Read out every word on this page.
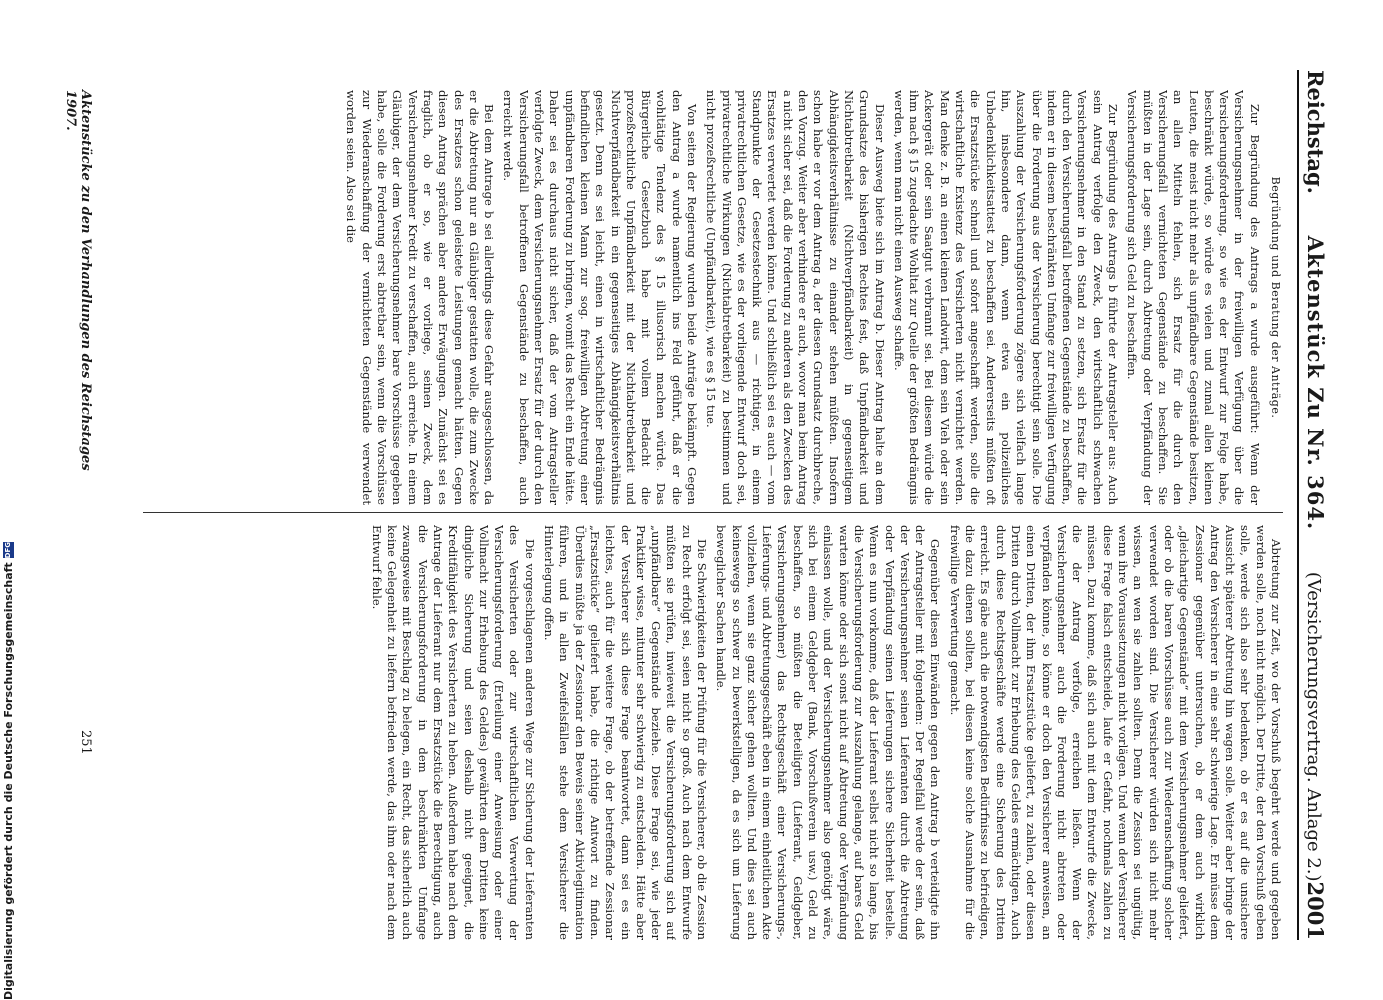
Reichstag.
Aktenstück Zu Nr. 364.
(Versicherungsvertrag. Anlage 2.)
2001

Begründung und Beratung der Anträge.

Zur Begründung des Antrags a wurde ausgeführt: Wenn der Versicherungsnehmer in der freiwilligen Verfügung über die Versicherungsforderung, so wie es der Entwurf zur Folge habe, beschränkt würde, so würde es vielen und zumal allen kleinen Leuten, die meist nicht mehr als unpfändbare Gegenstände besitzen, an allen Mitteln fehlen, sich Ersatz für die durch den Versicherungsfall vernichteten Gegenstände zu beschaffen. Sie müßten in der Lage sein, durch Abtretung oder Verpfändung der Versicherungsforderung sich Geld zu beschaffen.

Zur Begründung des Antrags b führte der Antragsteller aus: Auch sein Antrag verfolge den Zweck, den wirtschaftlich schwachen Versicherungsnehmer in den Stand zu setzen, sich Ersatz für die durch den Versicherungsfall betroffenen Gegenstände zu beschaffen, indem er in diesem beschränkten Umfange zur freiwilligen Verfügung über die Forderung aus der Versicherung berechtigt sein solle. Die Auszahlung der Versicherungsforderung zögere sich vielfach lange hin, insbesondere dann, wenn etwa ein polizeiliches Unbedenklichkeitsattest zu beschaffen sei. Andererseits müßten oft die Ersatzstücke schnell und sofort angeschafft werden, solle die wirtschaftliche Existenz des Versicherten nicht vernichtet werden. Man denke z. B. an einen kleinen Landwirt, dem sein Vieh oder sein Ackergerät oder sein Saatgut verbrannt sei. Bei diesem würde die ihm nach § 15 zugedachte Wohltat zur Quelle der größten Bedrängnis werden, wenn man nicht einen Ausweg schaffe.

Dieser Ausweg biete sich im Antrag b. Dieser Antrag halte an dem Grundsatze des bisherigen Rechtes fest, daß Unpfändbarkeit und Nichtabtretbarkeit (Nichtverpfändbarkeit) in gegenseitigem Abhängigkeitsverhältnisse zu einander stehen müßten. Insofern schon habe er vor dem Antrag a, der diesen Grundsatz durchbreche, den Vorzug. Weiter aber verhindere er auch, wovor man beim Antrag a nicht sicher sei, daß die Forderung zu anderen als den Zwecken des Ersatzes verwertet werden könne. Und schließlich sei es auch — vom Standpunkte der Gesetzestechnik aus — richtiger, in einem privatrechtlichen Gesetze, wie es der vorliegende Entwurf doch sei, privatrechtliche Wirkungen (Nichtabtretbarkeit) zu bestimmen und nicht prozeßrechtliche (Unpfändbarkeit), wie es § 15 tue.

Von seiten der Regierung wurden beide Anträge bekämpft. Gegen den Antrag a wurde namentlich ins Feld geführt, daß er die wohltätige Tendenz des § 15 illusorisch machen würde. Das Bürgerliche Gesetzbuch habe mit vollem Bedacht die prozeßrechtliche Unpfändbarkeit mit der Nichtabtretbarkeit und Nichtverpfändbarkeit in ein gegenseitiges Abhängigkeitsverhältnis gesetzt. Denn es sei leicht, einen in wirtschaftlicher Bedrängnis befindlichen kleinen Mann zur sog. freiwilligen Abtretung einer unpfändbaren Forderung zu bringen, womit das Recht ein Ende hätte. Daher sei es durchaus nicht sicher, daß der vom Antragsteller verfolgte Zweck, dem Versicherungsnehmer Ersatz für der durch den Versicherungsfall betroffenen Gegenstände zu beschaffen, auch erreicht werde.

Bei dem Antrage b sei allerdings diese Gefahr ausgeschlossen, da er die Abtretung nur an Gläubiger gestatten wolle, die zum Zwecke des Ersatzes schon geleistete Leistungen gemacht hätten. Gegen diesen Antrag sprächen aber andere Erwägungen. Zunächst sei es fraglich, ob er so, wie er vorliege, seinen Zweck, dem Versicherungsnehmer Kredit zu verschaffen, auch erreiche. In einem Gläubiger, der dem Versicherungsnehmer bare Vorschüsse gegeben habe, solle die Forderung erst abtretbar sein, wenn die Vorschüsse zur Wiederanschaffung der vernichteten Gegenstände verwendet worden seien. Also sei die

Abtretung zur Zeit, wo der Vorschuß begehrt werde und gegeben werden solle, noch nicht möglich. Der Dritte, der den Vorschuß geben solle, werde sich also sehr bedenken, ob er es auf die unsichere Aussicht späterer Abtretung hin wagen solle. Weiter aber bringe der Antrag den Versicherer in eine sehr schwierige Lage. Er müsse dem Zessionar gegenüber untersuchen, ob er dem auch wirklich „gleichartige Gegenstände“ mit dem Versicherungsnehmer geliefert, oder ob die baren Vorschüsse auch zur Wiederanschaffung solcher verwendet worden sind. Die Versicherer würden sich nicht mehr wissen, an wen sie zahlen sollten. Denn die Zession sei ungültig, wenn ihre Voraussetzungen nicht vorlägen. Und wenn der Versicherer diese Frage falsch entscheide, laufe er Gefahr, nochmals zahlen zu müssen. Dazu komme, daß sich auch mit dem Entwurfe die Zwecke, die der Antrag verfolge, erreichen ließen. Wenn der Versicherungsnehmer auch die Forderung nicht abtreten oder verpfänden könne, so könne er doch den Versicherer anweisen, an einen Dritten, der ihm Ersatzstücke geliefert, zu zahlen, oder diesen Dritten durch Vollmacht zur Erhebung des Geldes ermächtigen. Auch durch diese Rechtsgeschäfte werde eine Sicherung des Dritten erreicht. Es gäbe auch die notwendigsten Bedürfnisse zu befriedigen, die dazu dienen sollten, bei diesen keine solche Ausnahme für die freiwillige Verwertung gemacht.

Gegenüber diesen Einwänden gegen den Antrag b verteidigte ihn der Antragsteller mit folgendem: Der Regelfall werde der sein, daß der Versicherungsnehmer seinen Lieferanten durch die Abtretung oder Verpfändung seinen Lieferungen sichere Sicherheit bestelle. Wenn es nun vorkomme, daß der Lieferant selbst nicht so lange, bis die Versicherungsforderung zur Auszahlung gelange, auf bares Geld warten könne oder sich sonst nicht auf Abtretung oder Verpfändung einlassen wolle, und der Versicherungsnehmer also genötigt wäre, sich bei einem Geldgeber (Bank, Vorschußverein usw.) Geld zu beschaffen, so müßten die Beteiligten (Lieferant, Geldgeber, Versicherungsnehmer) das Rechtsgeschäft einer Versicherungs-, Lieferungs- und Abtretungsgeschäft eben in einem einheitlichen Akte vollziehen, wenn sie ganz sicher gehen wollten. Und dies sei auch keineswegs so schwer zu bewerkstelligen, da es sich um Lieferung beweglicher Sachen handle.

Die Schwierigkeiten der Prüfung für die Versicherer, ob die Zession zu Recht erfolgt sei, seien nicht so groß. Auch nach dem Entwurfe müßten sie prüfen, inwieweit die Versicherungsforderung sich auf „unpfändbare“ Gegenstände beziehe. Diese Frage sei, wie jeder Praktiker wisse, mitunter sehr schwierig zu entscheiden. Hätte aber der Versicherer sich diese Frage beantwortet, dann sei es ein leichtes, auch für die weitere Frage, ob der betreffende Zessionar „Ersatzstücke“ geliefert habe, die richtige Antwort zu finden. Überdies müßte ja der Zessionar den Beweis seiner Aktivlegitimation führen, und in allen Zweifelsfällen stehe dem Versicherer die Hinterlegung offen.

Die vorgeschlagenen anderen Wege zur Sicherung der Lieferanten des Versicherten oder zur wirtschaftlichen Verwertung der Versicherungsforderung (Erteilung einer Anweisung oder einer Vollmacht zur Erhebung des Geldes) gewährten dem Dritten keine dingliche Sicherung und seien deshalb nicht geeignet, die Kreditfähigkeit des Versicherten zu heben. Außerdem habe nach dem Antrage der Lieferant nur dem Ersatzstücke die Berechtigung, auch die Versicherungsforderung in dem beschränkten Umfange zwangsweise mit Beschlag zu belegen, ein Recht, das sicherlich auch keine Gelegenheit zu liefern befrieden werde, das ihm oder nach dem Entwurf fehle.

Aktenstücke zu den Verhandlungen des Reichstages 1907.
251
Digitalisierung gefördert durch die Deutsche Forschungsgemeinschaft
DFG
